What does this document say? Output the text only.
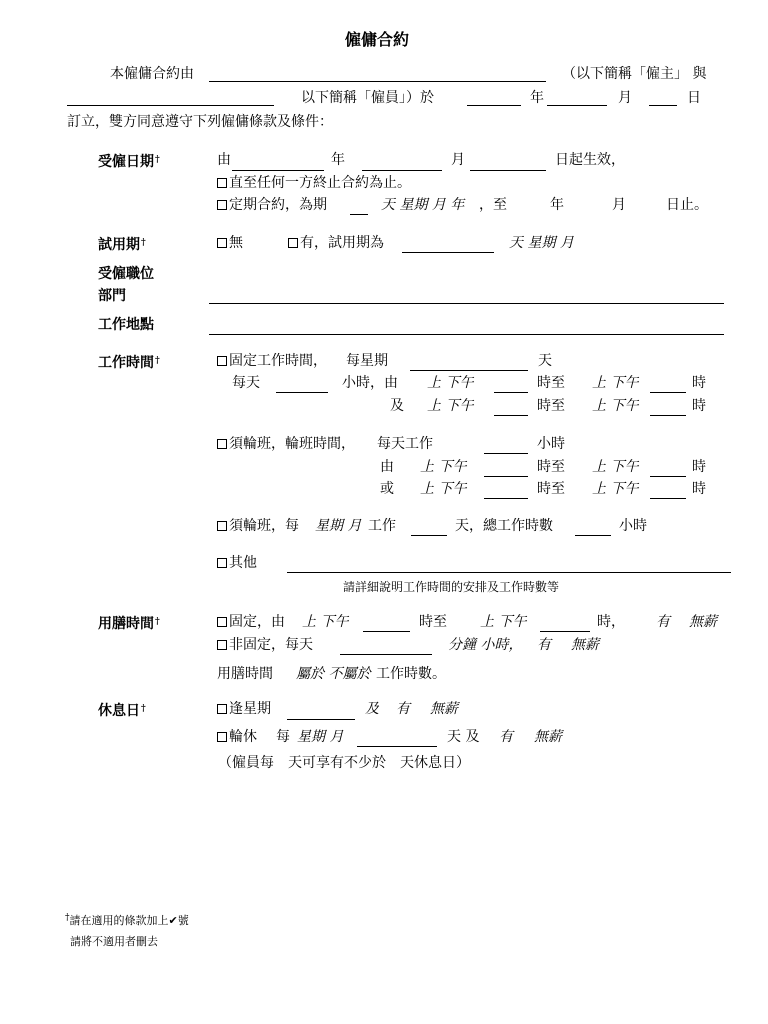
僱傭合約
本僱傭合約由	（以下簡稱「僱主」 與
以下簡稱「僱員」）於	年	月	日
訂立，雙方同意遵守下列僱傭條款及條件：
受僱日期†	由	年	月	日起生效，
直至任何一方終止合約為止。
定期合約，為期	天 星期 月 年 ，至	年	月	日止。
試用期†	無	有，試用期為	天 星期 月
受僱職位
部門
工作地點
工作時間†	固定工作時間， 每星期	天
每天	小時，由 上 下午	時至 上 下午	時
及 上 下午	時至 上 下午	時
須輪班，輪班時間， 每天工作	小時
由 上 下午	時至 上 下午	時
或 上 下午	時至 上 下午	時
須輪班，每 星期 月 工作	天，總工作時數	小時
其他
請詳細說明工作時間的安排及工作時數等
用膳時間†	固定，由 上 下午	時至 上 下午	時， 有 無薪
非固定，每天	分鐘 小時， 有 無薪
用膳時間 屬於 不屬於 工作時數。
休息日†	逢星期	及 有 無薪
輪休 每 星期 月	天 及 有 無薪
（僱員每　天可享有不少於　天休息日）
†請在適用的條款加上✔號
請將不適用者刪去
